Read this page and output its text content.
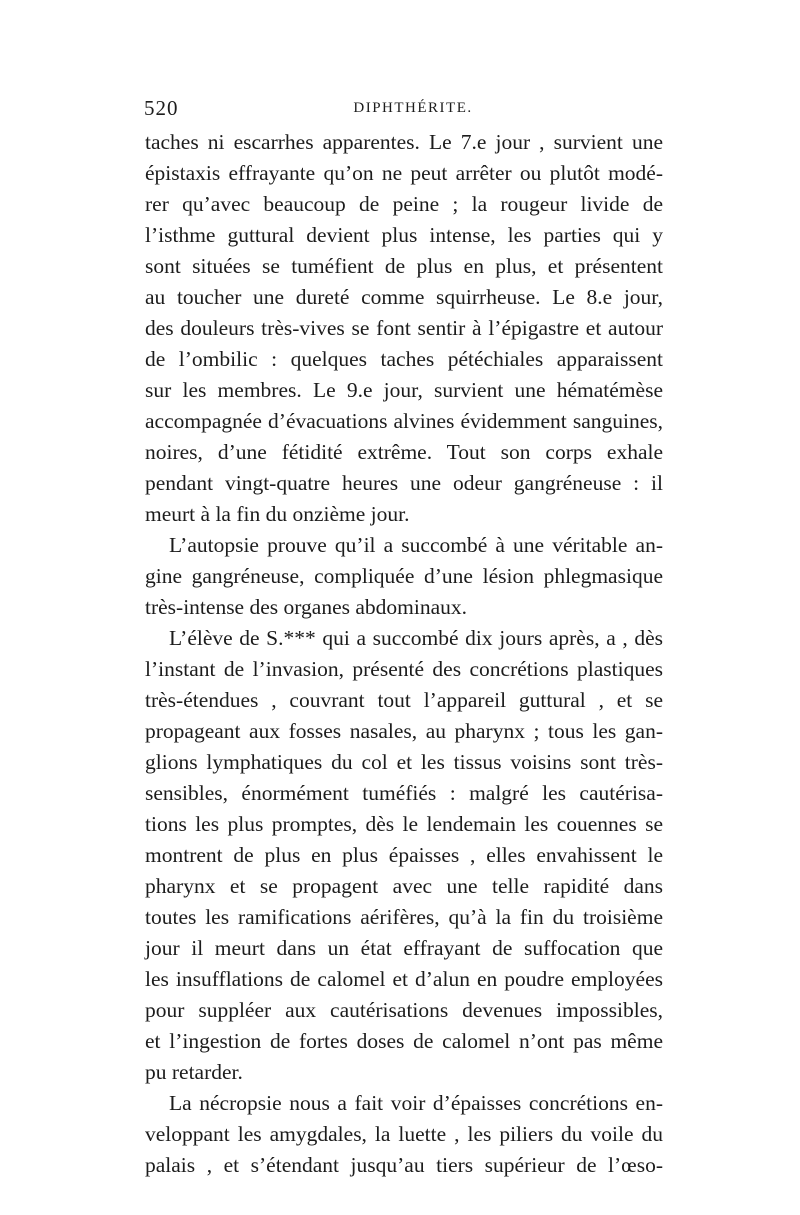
520	DIPHTHÉRITE.
taches ni escarrhes apparentes. Le 7.e jour , survient une
épistaxis effrayante qu’on ne peut arrêter ou plutôt modé-
rer qu’avec beaucoup de peine ; la rougeur livide de
l’isthme guttural devient plus intense, les parties qui y
sont situées se tuméfient de plus en plus, et présentent
au toucher une dureté comme squirrheuse. Le 8.e jour,
des douleurs très-vives se font sentir à l’épigastre et autour
de l’ombilic : quelques taches pétéchiales apparaissent
sur les membres. Le 9.e jour, survient une hématémèse
accompagnée d’évacuations alvines évidemment sanguines,
noires, d’une fétidité extrême. Tout son corps exhale
pendant vingt-quatre heures une odeur gangréneuse : il
meurt à la fin du onzième jour.
L’autopsie prouve qu’il a succombé à une véritable an-
gine gangréneuse, compliquée d’une lésion phlegmasique
très-intense des organes abdominaux.
L’élève de S.*** qui a succombé dix jours après, a , dès
l’instant de l’invasion, présenté des concrétions plastiques
très-étendues , couvrant tout l’appareil guttural , et se
propageant aux fosses nasales, au pharynx ; tous les gan-
glions lymphatiques du col et les tissus voisins sont très-
sensibles, énormément tuméfiés : malgré les cautérisa-
tions les plus promptes, dès le lendemain les couennes se
montrent de plus en plus épaisses , elles envahissent le
pharynx et se propagent avec une telle rapidité dans
toutes les ramifications aérifères, qu’à la fin du troisième
jour il meurt dans un état effrayant de suffocation que
les insufflations de calomel et d’alun en poudre employées
pour suppléer aux cautérisations devenues impossibles,
et l’ingestion de fortes doses de calomel n’ont pas même
pu retarder.
La nécropsie nous a fait voir d’épaisses concrétions en-
veloppant les amygdales, la luette , les piliers du voile du
palais , et s’étendant jusqu’au tiers supérieur de l’œso-
